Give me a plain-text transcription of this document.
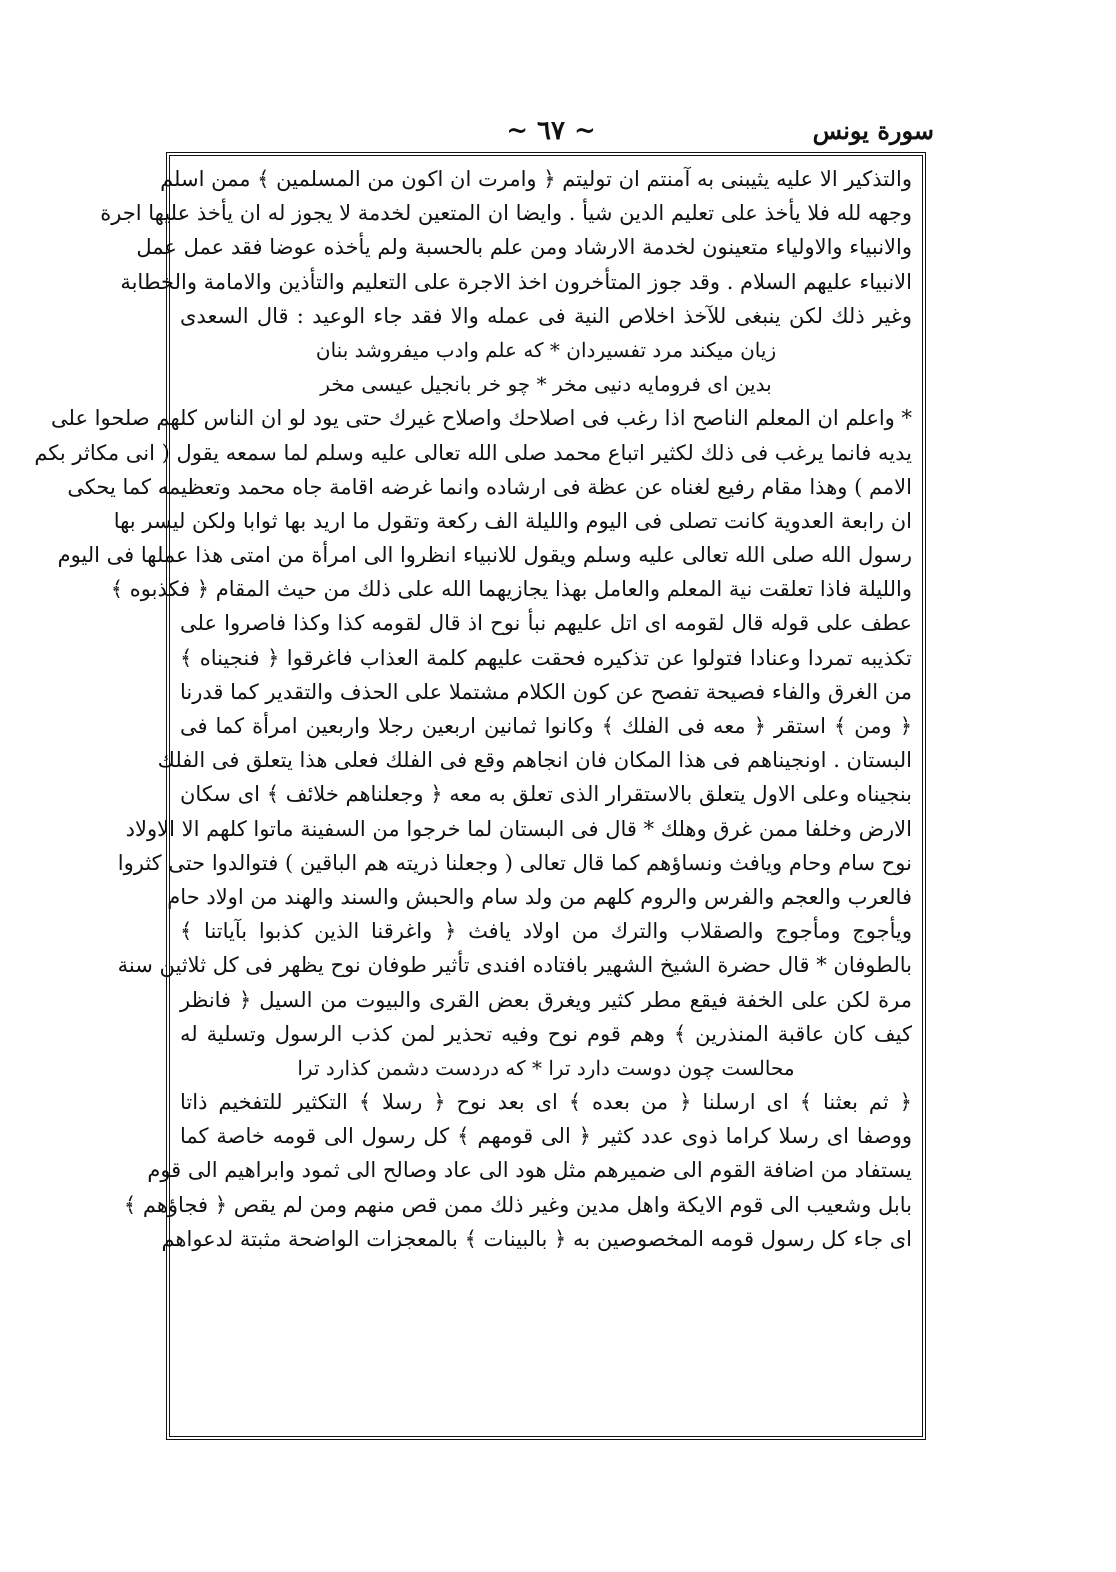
~ ٦٧ ~	سورة يونس
والتذكير الا عليه يثيبنى به آمنتم ان توليتم ﴿ وامرت ان اكون من المسلمين ﴾ ممن اسلم
وجهه لله فلا يأخذ على تعليم الدين شيأ . وايضا ان المتعين لخدمة لا يجوز له ان يأخذ عليها اجرة
والانبياء والاولياء متعينون لخدمة الارشاد ومن علم بالحسبة ولم يأخذه عوضا فقد عمل عمل
الانبياء عليهم السلام . وقد جوز المتأخرون اخذ الاجرة على التعليم والتأذين والامامة والخطابة
وغير ذلك لكن ينبغى للآخذ اخلاص النية فى عمله والا فقد جاء الوعيد : قال السعدى
زيان ميكند مرد تفسيردان * كه علم وادب ميفروشد بنان
بدين اى فرومايه دنيى مخر * چو خر بانجيل عيسى مخر
* واعلم ان المعلم الناصح اذا رغب فى اصلاحك واصلاح غيرك حتى يود لو ان الناس كلهم صلحوا على
يديه فانما يرغب فى ذلك لكثير اتباع محمد صلى الله تعالى عليه وسلم لما سمعه يقول ( انى مكاثر بكم
الامم ) وهذا مقام رفيع لغناه عن عظة فى ارشاده وانما غرضه اقامة جاه محمد وتعظيمه كما يحكى
ان رابعة العدوية كانت تصلى فى اليوم والليلة الف ركعة وتقول ما اريد بها ثوابا ولكن ليسر بها
رسول الله صلى الله تعالى عليه وسلم ويقول للانبياء انظروا الى امرأة من امتى هذا عملها فى اليوم
والليلة فاذا تعلقت نية المعلم والعامل بهذا يجازيهما الله على ذلك من حيث المقام ﴿ فكذبوه ﴾
عطف على قوله قال لقومه اى اتل عليهم نبأ نوح اذ قال لقومه كذا وكذا فاصروا على
تكذيبه تمردا وعنادا فتولوا عن تذكيره فحقت عليهم كلمة العذاب فاغرقوا ﴿ فنجيناه ﴾
من الغرق والفاء فصيحة تفصح عن كون الكلام مشتملا على الحذف والتقدير كما قدرنا
﴿ ومن ﴾ استقر ﴿ معه فى الفلك ﴾ وكانوا ثمانين اربعين رجلا واربعين امرأة كما فى
البستان . اونجيناهم فى هذا المكان فان انجاهم وقع فى الفلك فعلى هذا يتعلق فى الفلك
بنجيناه وعلى الاول يتعلق بالاستقرار الذى تعلق به معه ﴿ وجعلناهم خلائف ﴾ اى سكان
الارض وخلفا ممن غرق وهلك * قال فى البستان لما خرجوا من السفينة ماتوا كلهم الا الاولاد
نوح سام وحام ويافث ونساؤهم كما قال تعالى ( وجعلنا ذريته هم الباقين ) فتوالدوا حتى كثروا
فالعرب والعجم والفرس والروم كلهم من ولد سام والحبش والسند والهند من اولاد حام
ويأجوج ومأجوج والصقلاب والترك من اولاد يافث ﴿ واغرقنا الذين كذبوا بآياتنا ﴾
بالطوفان * قال حضرة الشيخ الشهير بافتاده افندى تأثير طوفان نوح يظهر فى كل ثلاثين سنة
مرة لكن على الخفة فيقع مطر كثير ويغرق بعض القرى والبيوت من السيل ﴿ فانظر
كيف كان عاقبة المنذرين ﴾ وهم قوم نوح وفيه تحذير لمن كذب الرسول وتسلية له
محالست چون دوست دارد ترا * كه دردست دشمن كذارد ترا
﴿ ثم بعثنا ﴾ اى ارسلنا ﴿ من بعده ﴾ اى بعد نوح ﴿ رسلا ﴾ التكثير للتفخيم ذاتا
ووصفا اى رسلا كراما ذوى عدد كثير ﴿ الى قومهم ﴾ كل رسول الى قومه خاصة كما
يستفاد من اضافة القوم الى ضميرهم مثل هود الى عاد وصالح الى ثمود وابراهيم الى قوم
بابل وشعيب الى قوم الايكة واهل مدين وغير ذلك ممن قص منهم ومن لم يقص ﴿ فجاؤهم ﴾
اى جاء كل رسول قومه المخصوصين به ﴿ بالبينات ﴾ بالمعجزات الواضحة مثبتة لدعواهم
